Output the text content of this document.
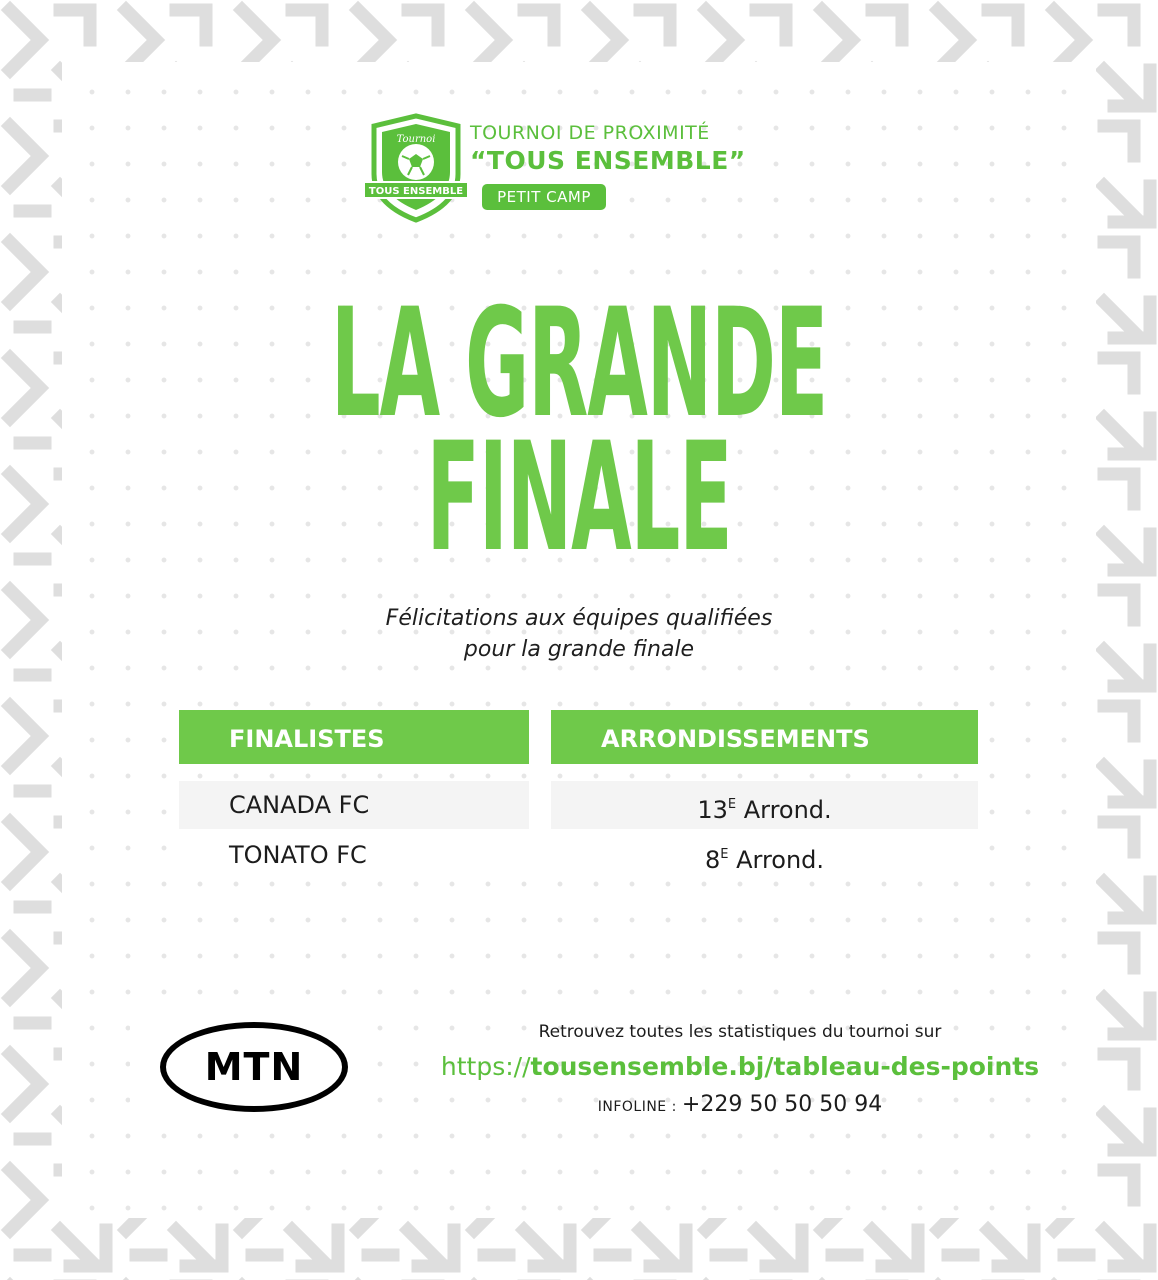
Tournoi
TOUS ENSEMBLE
TOURNOI DE PROXIMITÉ
“TOUS ENSEMBLE”
PETIT CAMP
LA GRANDE
FINALE
Félicitations aux équipes qualifiées
pour la grande finale
FINALISTES	ARRONDISSEMENTS
CANADA FC	$13^E$ Arrond.
TONATO FC	$8^E$ Arrond.
MTN
Retrouvez toutes les statistiques du tournoi sur
https://tousensemble.bj/tableau-des-points
INFOLINE : +229 50 50 50 94
